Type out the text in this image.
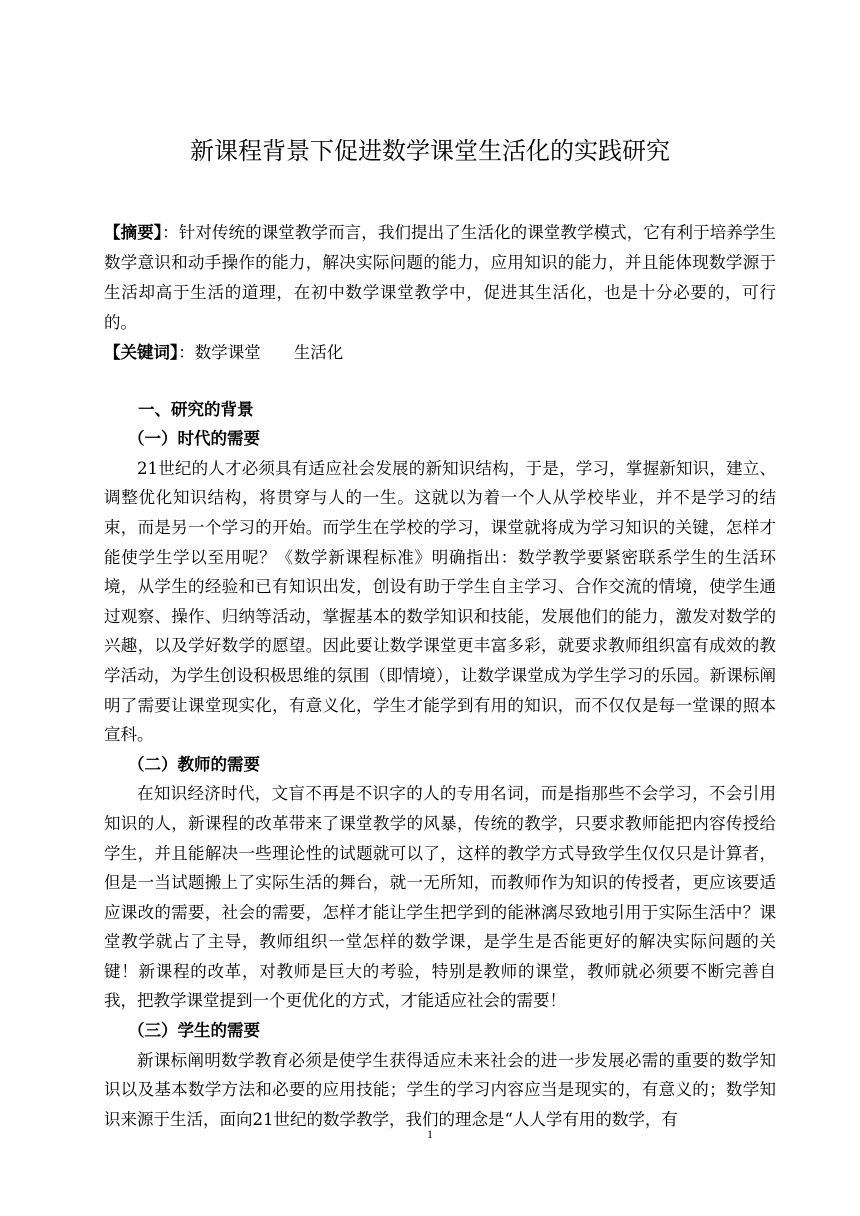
新课程背景下促进数学课堂生活化的实践研究

【摘要】：针对传统的课堂教学而言，我们提出了生活化的课堂教学模式，它有利于培养学生数学意识和动手操作的能力，解决实际问题的能力，应用知识的能力，并且能体现数学源于生活却高于生活的道理，在初中数学课堂教学中，促进其生活化，也是十分必要的，可行的。

【关键词】：数学课堂　　生活化

一、研究的背景

（一）时代的需要

21世纪的人才必须具有适应社会发展的新知识结构，于是，学习，掌握新知识，建立、调整优化知识结构，将贯穿与人的一生。这就以为着一个人从学校毕业，并不是学习的结束，而是另一个学习的开始。而学生在学校的学习，课堂就将成为学习知识的关键，怎样才能使学生学以至用呢？《数学新课程标准》明确指出：数学教学要紧密联系学生的生活环境，从学生的经验和已有知识出发，创设有助于学生自主学习、合作交流的情境，使学生通过观察、操作、归纳等活动，掌握基本的数学知识和技能，发展他们的能力，激发对数学的兴趣，以及学好数学的愿望。因此要让数学课堂更丰富多彩，就要求教师组织富有成效的教学活动，为学生创设积极思维的氛围（即情境），让数学课堂成为学生学习的乐园。新课标阐明了需要让课堂现实化，有意义化，学生才能学到有用的知识，而不仅仅是每一堂课的照本宣科。

（二）教师的需要

在知识经济时代，文盲不再是不识字的人的专用名词，而是指那些不会学习，不会引用知识的人，新课程的改革带来了课堂教学的风暴，传统的教学，只要求教师能把内容传授给学生，并且能解决一些理论性的试题就可以了，这样的教学方式导致学生仅仅只是计算者，但是一当试题搬上了实际生活的舞台，就一无所知，而教师作为知识的传授者，更应该要适应课改的需要，社会的需要，怎样才能让学生把学到的能淋漓尽致地引用于实际生活中？课堂教学就占了主导，教师组织一堂怎样的数学课，是学生是否能更好的解决实际问题的关键！新课程的改革，对教师是巨大的考验，特别是教师的课堂，教师就必须要不断完善自我，把教学课堂提到一个更优化的方式，才能适应社会的需要！

（三）学生的需要

新课标阐明数学教育必须是使学生获得适应未来社会的进一步发展必需的重要的数学知识以及基本数学方法和必要的应用技能；学生的学习内容应当是现实的，有意义的；数学知识来源于生活，面向21世纪的数学教学，我们的理念是“人人学有用的数学，有

1
